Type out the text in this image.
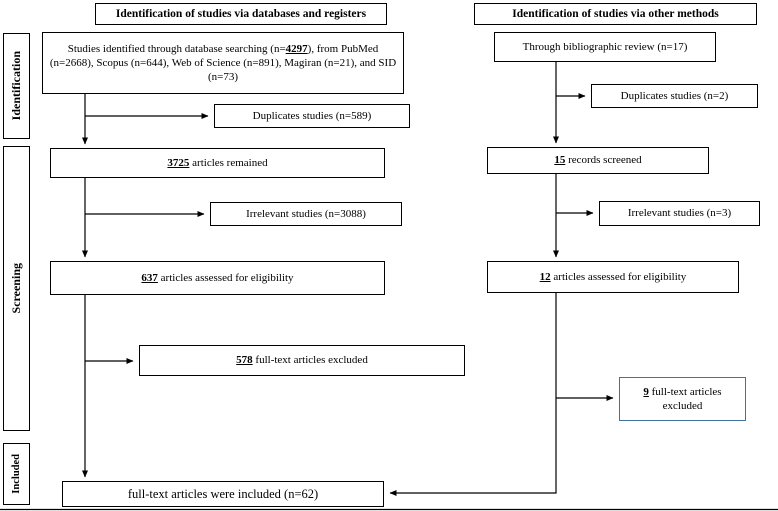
Identification of studies via databases and registers	Identification of studies via other methods
Identification
Screening
Included
Studies identified through database searching (n=4297), from PubMed (n=2668), Scopus (n=644), Web of Science (n=891), Magiran (n=21), and SID (n=73)
Duplicates studies (n=589)
3725 articles remained
Irrelevant studies (n=3088)
637 articles assessed for eligibility
578 full-text articles excluded
full-text articles were included (n=62)
Through bibliographic review (n=17)
Duplicates studies (n=2)
15 records screened
Irrelevant studies (n=3)
12 articles assessed for eligibility
9 full-text articles excluded
